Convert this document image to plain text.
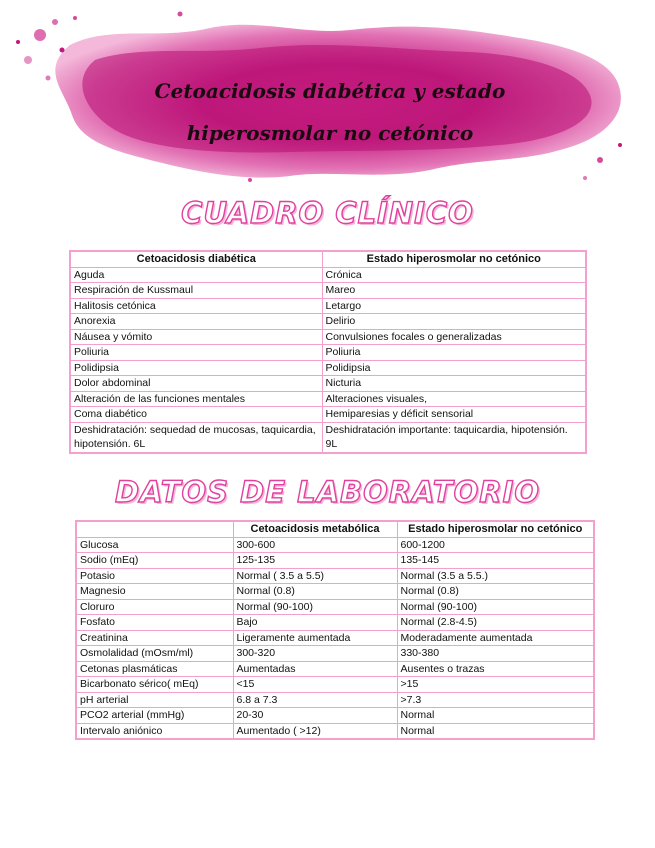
Cetoacidosis diabética y estado hiperosmolar no cetónico
CUADRO CLÍNICO
Cetoacidosis diabética	Estado hiperosmolar no cetónico
Aguda	Crónica
Respiración de Kussmaul	Mareo
Halitosis cetónica	Letargo
Anorexia	Delirio
Náusea y vómito	Convulsiones focales o generalizadas
Poliuria	Poliuria
Polidipsia	Polidipsia
Dolor abdominal	Nicturia
Alteración de las funciones mentales	Alteraciones visuales,
Coma diabético	Hemiparesias y déficit sensorial
Deshidratación: sequedad de mucosas, taquicardia, hipotensión. 6L	Deshidratación importante: taquicardia, hipotensión. 9L
DATOS DE LABORATORIO
	Cetoacidosis metabólica	Estado hiperosmolar no cetónico
Glucosa	300-600	600-1200
Sodio (mEq)	125-135	135-145
Potasio	Normal ( 3.5 a 5.5)	Normal (3.5 a 5.5.)
Magnesio	Normal (0.8)	Normal (0.8)
Cloruro	Normal (90-100)	Normal (90-100)
Fosfato	Bajo	Normal (2.8-4.5)
Creatinina	Ligeramente aumentada	Moderadamente aumentada
Osmolalidad (mOsm/ml)	300-320	330-380
Cetonas plasmáticas	Aumentadas	Ausentes o trazas
Bicarbonato sérico( mEq)	<15	>15
pH arterial	6.8 a 7.3	>7.3
PCO2 arterial (mmHg)	20-30	Normal
Intervalo aniónico	Aumentado ( >12)	Normal
